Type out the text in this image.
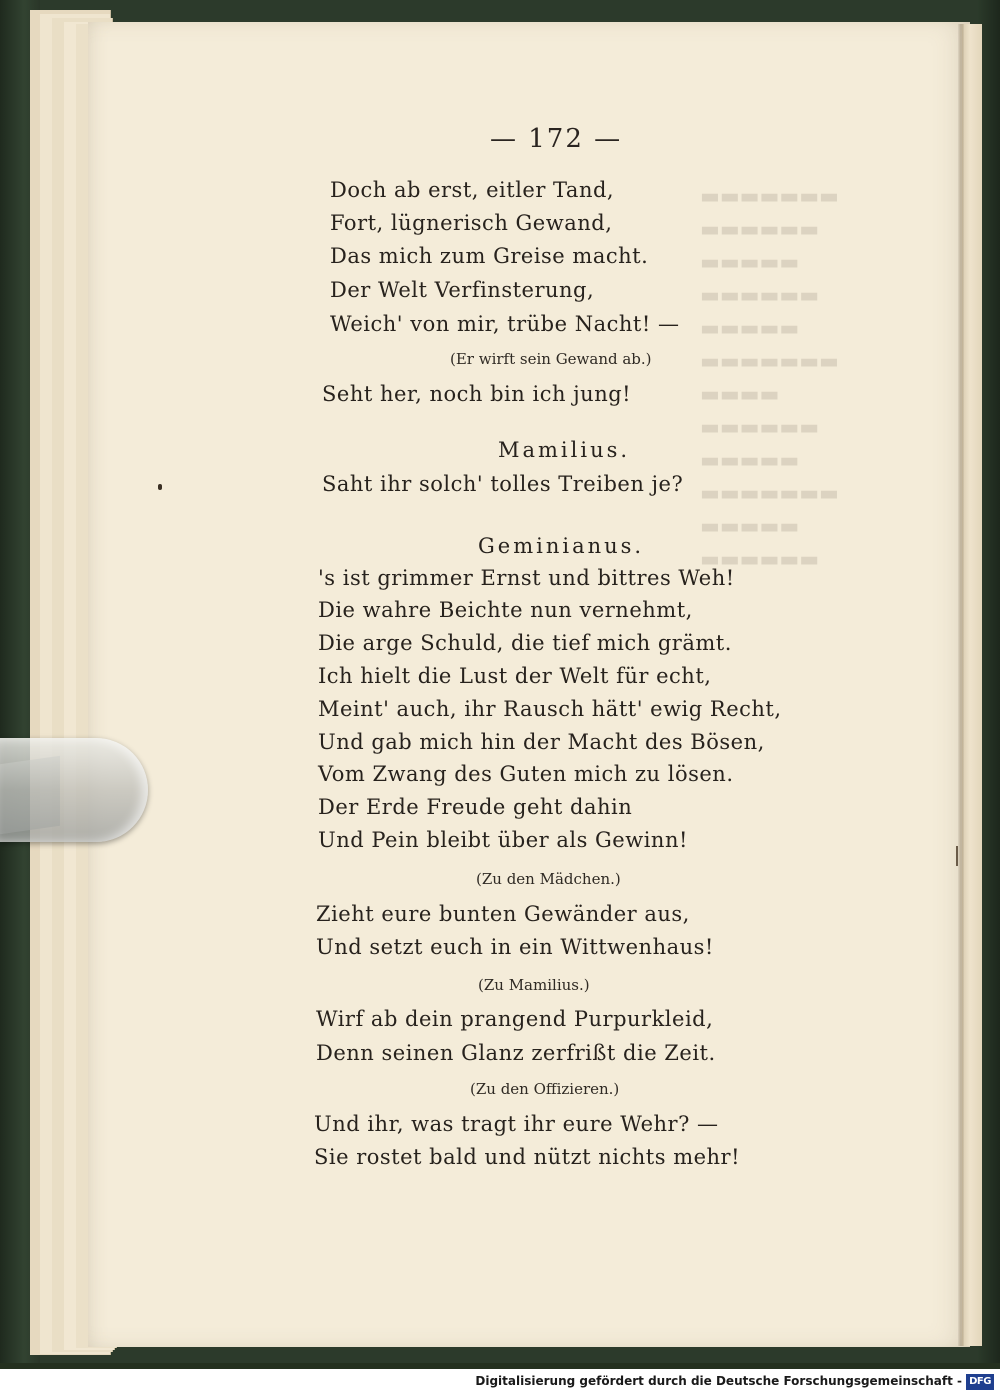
▬▬▬▬▬▬▬
▬▬▬▬▬▬
▬▬▬▬▬
▬▬▬▬▬▬
▬▬▬▬▬
▬▬▬▬▬▬▬
▬▬▬▬
▬▬▬▬▬▬
▬▬▬▬▬
▬▬▬▬▬▬▬
▬▬▬▬▬
▬▬▬▬▬▬
— 172 —
Doch ab erst, eitler Tand,
Fort, lügnerisch Gewand,
Das mich zum Greise macht.
Der Welt Verfinsterung,
Weich' von mir, trübe Nacht! —
(Er wirft sein Gewand ab.)
Seht her, noch bin ich jung!
Mamilius.
Saht ihr solch' tolles Treiben je?
Geminianus.
's ist grimmer Ernst und bittres Weh!
Die wahre Beichte nun vernehmt,
Die arge Schuld, die tief mich grämt.
Ich hielt die Lust der Welt für echt,
Meint' auch, ihr Rausch hätt' ewig Recht,
Und gab mich hin der Macht des Bösen,
Vom Zwang des Guten mich zu lösen.
Der Erde Freude geht dahin
Und Pein bleibt über als Gewinn!
(Zu den Mädchen.)
Zieht eure bunten Gewänder aus,
Und setzt euch in ein Wittwenhaus!
(Zu Mamilius.)
Wirf ab dein prangend Purpurkleid,
Denn seinen Glanz zerfrißt die Zeit.
(Zu den Offizieren.)
Und ihr, was tragt ihr eure Wehr? —
Sie rostet bald und nützt nichts mehr!
Digitalisierung gefördert durch die Deutsche Forschungsgemeinschaft - DFG
